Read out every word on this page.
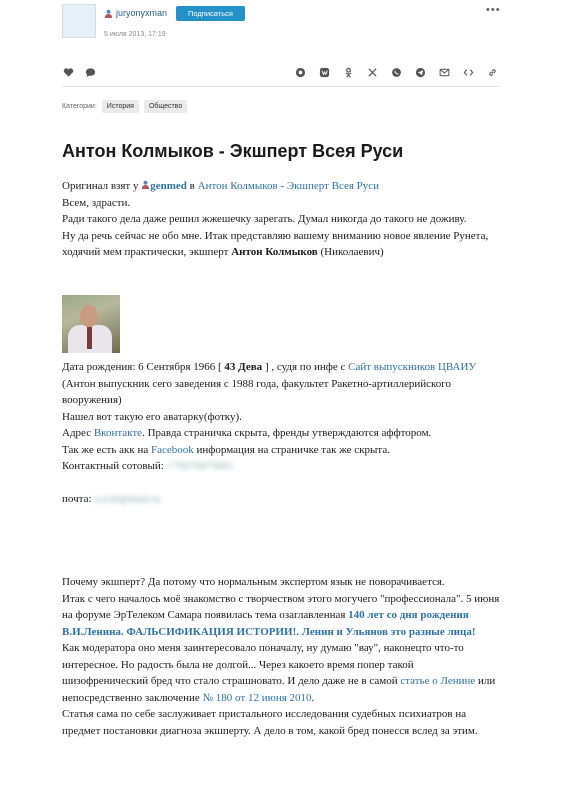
juryonyxman	Подписаться	•••
5 июля 2013, 17:19
Категории:	История	Общество
Антон Колмыков - Экшперт Всея Руси

Оригинал взят у genmed в Антон Колмыков - Экшперт Всея Руси

Всем, здрасти.

Ради такого дела даже решил жжешечку зарегать. Думал никогда до такого не доживу.

Ну да речь сейчас не обо мне. Итак представляю вашему вниманию новое явление Рунета, ходячий мем практически, экшперт Антон Колмыков (Николаевич)

Дата рождения: 6 Сентября 1966 [ 43 Дева ] , судя по инфе с Сайт выпускников ЦВАИУ (Антон выпускник сего заведения с 1988 года, факультет Ракетно-артиллерийского вооружения)

Нашел вот такую его аватарку(фотку).

Адрес Вконтакте. Правда страничка скрыта, френды утверждаются аффтором.

Так же есть акк на Facebook информация на страничке так же скрыта.

Контактный сотовый: +79270475661

почта: a.n.kl@mail.ru

Почему экшперт? Да потому что нормальным экспертом язык не поворачивается.

Итак с чего началось моё знакомство с творчеством этого могучего "профессионала". 5 июня на форуме ЭрТелеком Самара появилась тема озаглавленная 140 лет со дня рождения В.И.Ленина. ФАЛЬСИФИКАЦИЯ ИСТОРИИ!. Ленин и Ульянов это разные лица!

Как модератора оно меня заинтересовало поначалу, ну думаю "вау", наконецто что-то интересное. Но радость была не долгой... Через какоето время попер такой шизофренический бред что стало страшновато. И дело даже не в самой статье о Ленине или непосредственно заключение № 180 от 12 июня 2010.

Статья сама по себе заслуживает пристального исследования судебных психиатров на предмет постановки диагноза экшперту. А дело в том, какой бред понесся вслед за этим.
